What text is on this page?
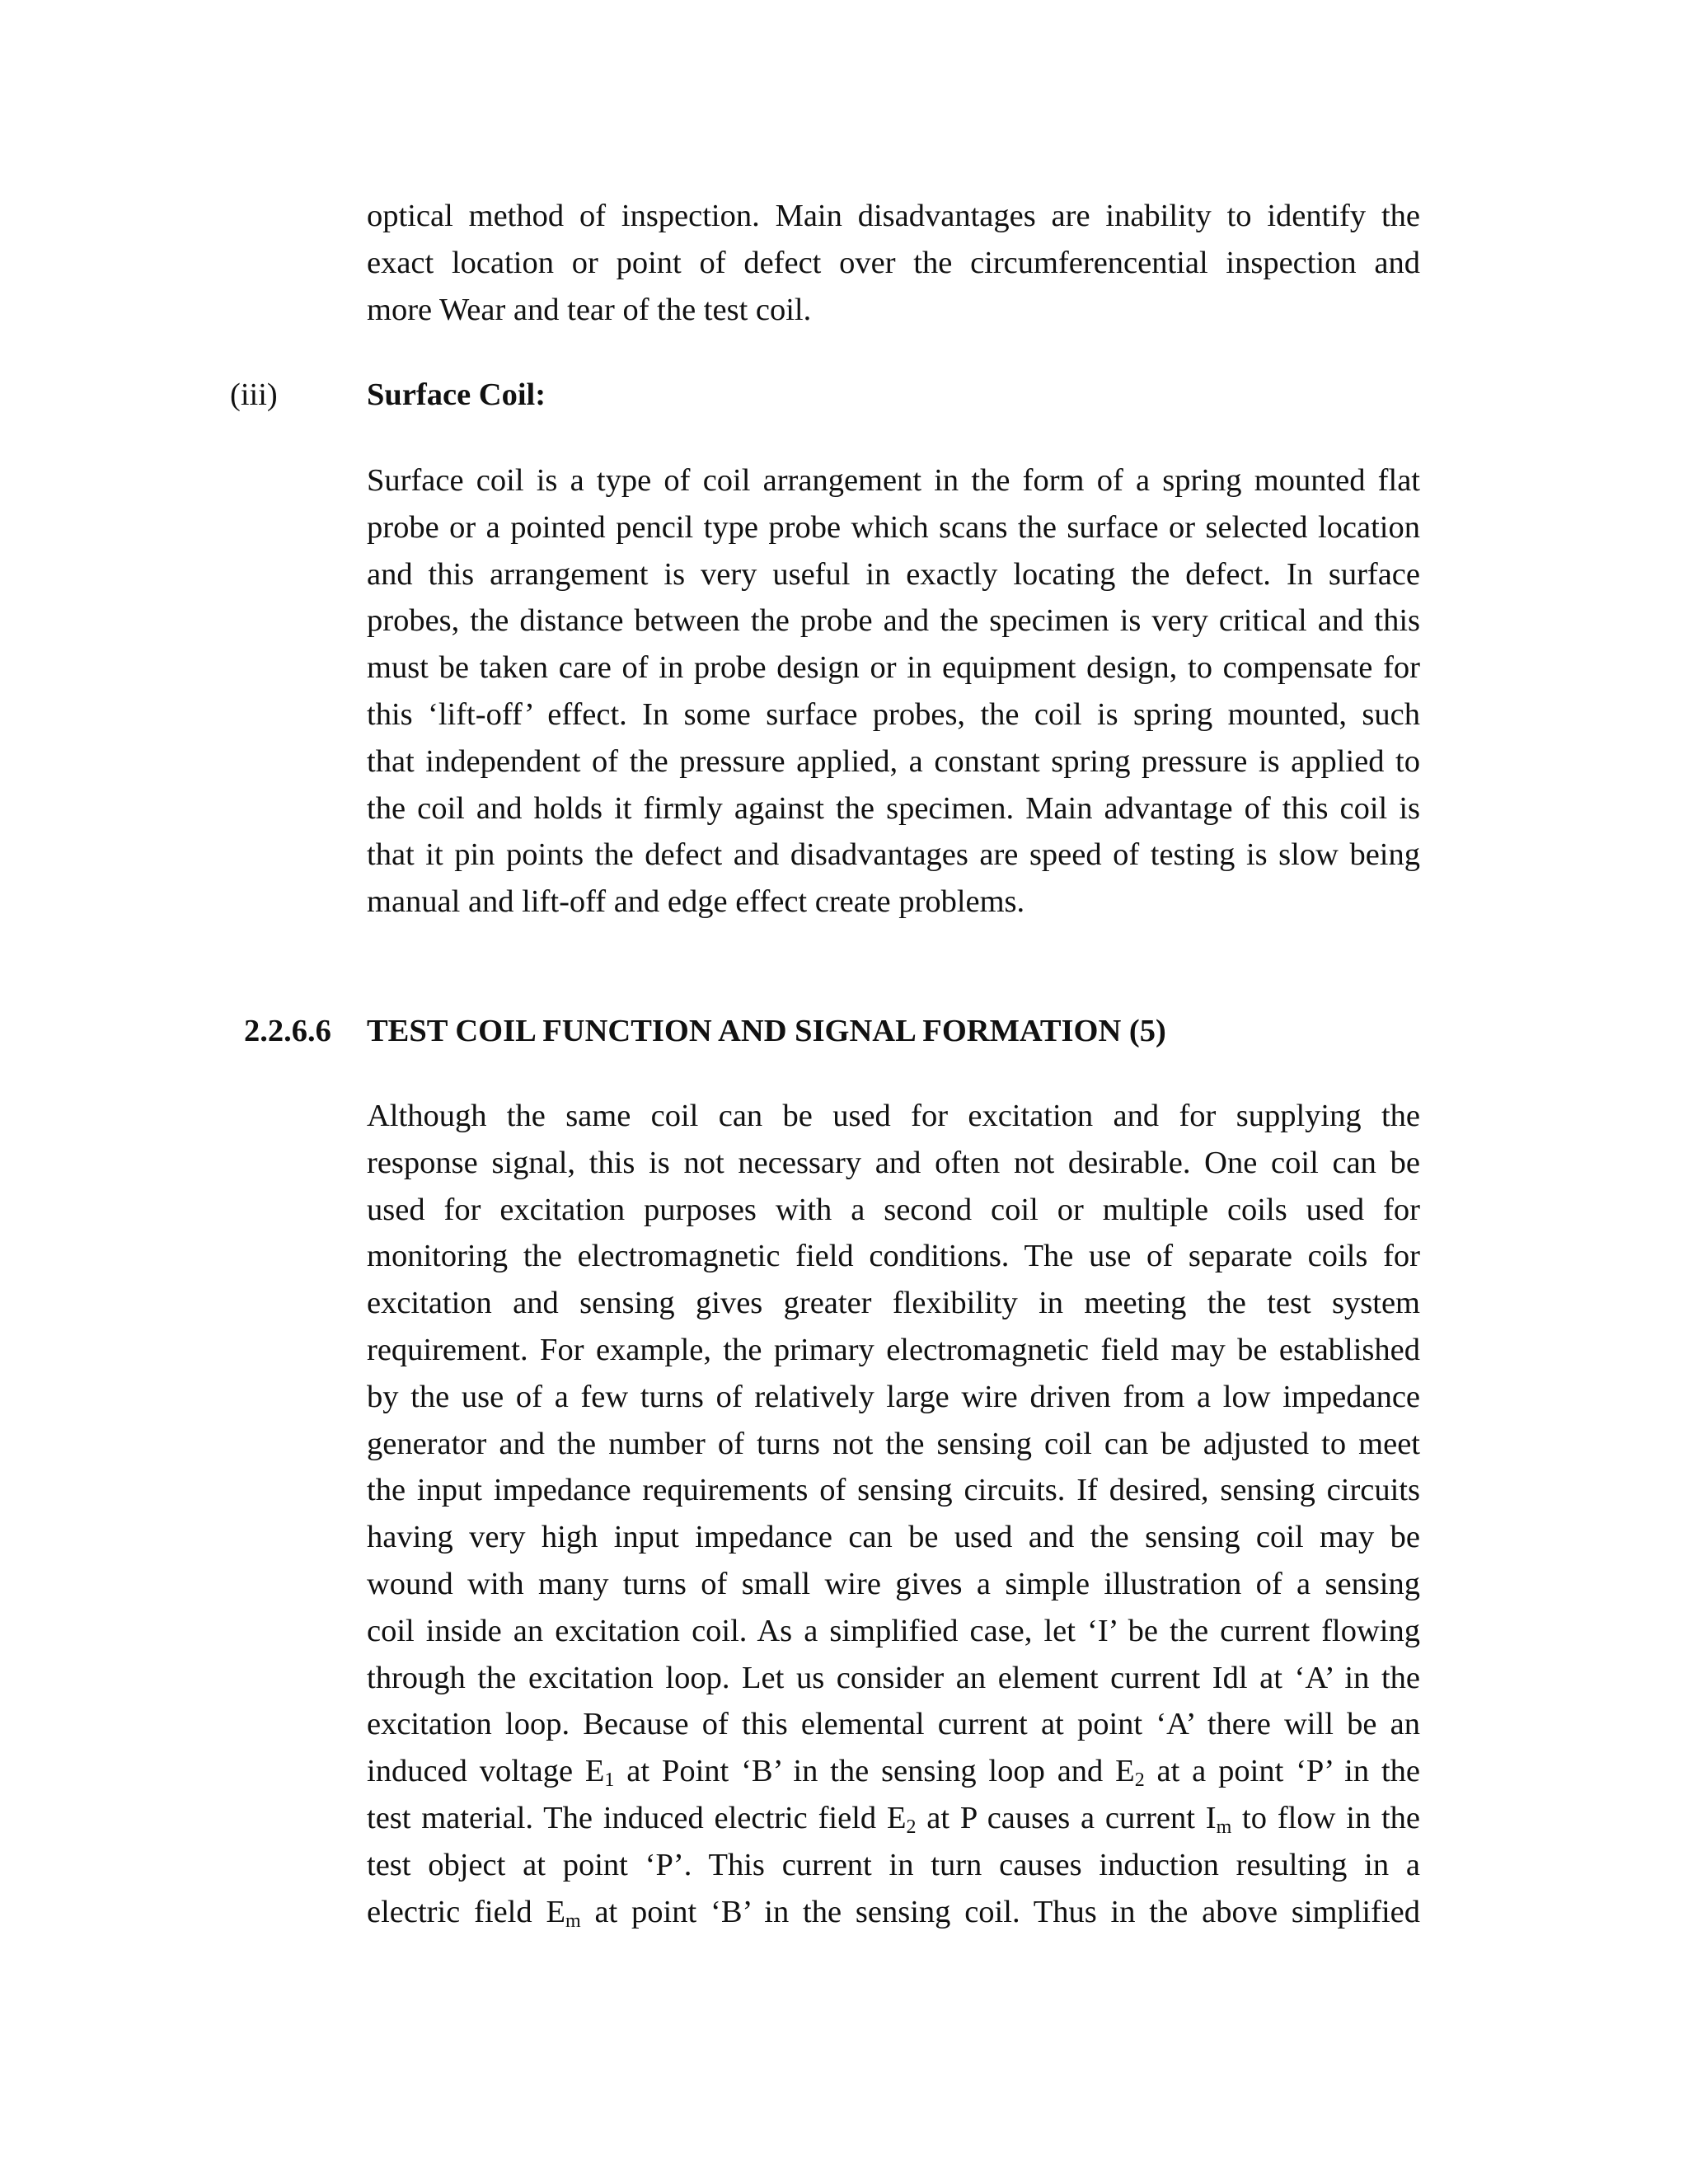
optical method of inspection. Main disadvantages are inability to identify the
exact location or point of defect over the circumferencential inspection and
more Wear and tear of the test coil.
(iii)	Surface Coil:
Surface coil is a type of coil arrangement in the form of a spring mounted flat
probe or a pointed pencil type probe which scans the surface or selected location
and this arrangement is very useful in exactly locating the defect. In surface
probes, the distance between the probe and the specimen is very critical and this
must be taken care of in probe design or in equipment design, to compensate for
this ‘lift-off’ effect. In some surface probes, the coil is spring mounted, such
that independent of the pressure applied, a constant spring pressure is applied to
the coil and holds it firmly against the specimen. Main advantage of this coil is
that it pin points the defect and disadvantages are speed of testing is slow being
manual and lift-off and edge effect create problems.
2.2.6.6 TEST COIL FUNCTION AND SIGNAL FORMATION (5)
Although the same coil can be used for excitation and for supplying the
response signal, this is not necessary and often not desirable. One coil can be
used for excitation purposes with a second coil or multiple coils used for
monitoring the electromagnetic field conditions. The use of separate coils for
excitation and sensing gives greater flexibility in meeting the test system
requirement. For example, the primary electromagnetic field may be established
by the use of a few turns of relatively large wire driven from a low impedance
generator and the number of turns not the sensing coil can be adjusted to meet
the input impedance requirements of sensing circuits. If desired, sensing circuits
having very high input impedance can be used and the sensing coil may be
wound with many turns of small wire gives a simple illustration of a sensing
coil inside an excitation coil. As a simplified case, let ‘I’ be the current flowing
through the excitation loop. Let us consider an element current Idl at ‘A’ in the
excitation loop. Because of this elemental current at point ‘A’ there will be an
induced voltage $E_1$ at Point ‘B’ in the sensing loop and $E_2$ at a point ‘P’ in the
test material. The induced electric field $E_2$ at P causes a current $I_m$ to flow in the
test object at point ‘P’. This current in turn causes induction resulting in a
electric field $E_m$ at point ‘B’ in the sensing coil. Thus in the above simplified
